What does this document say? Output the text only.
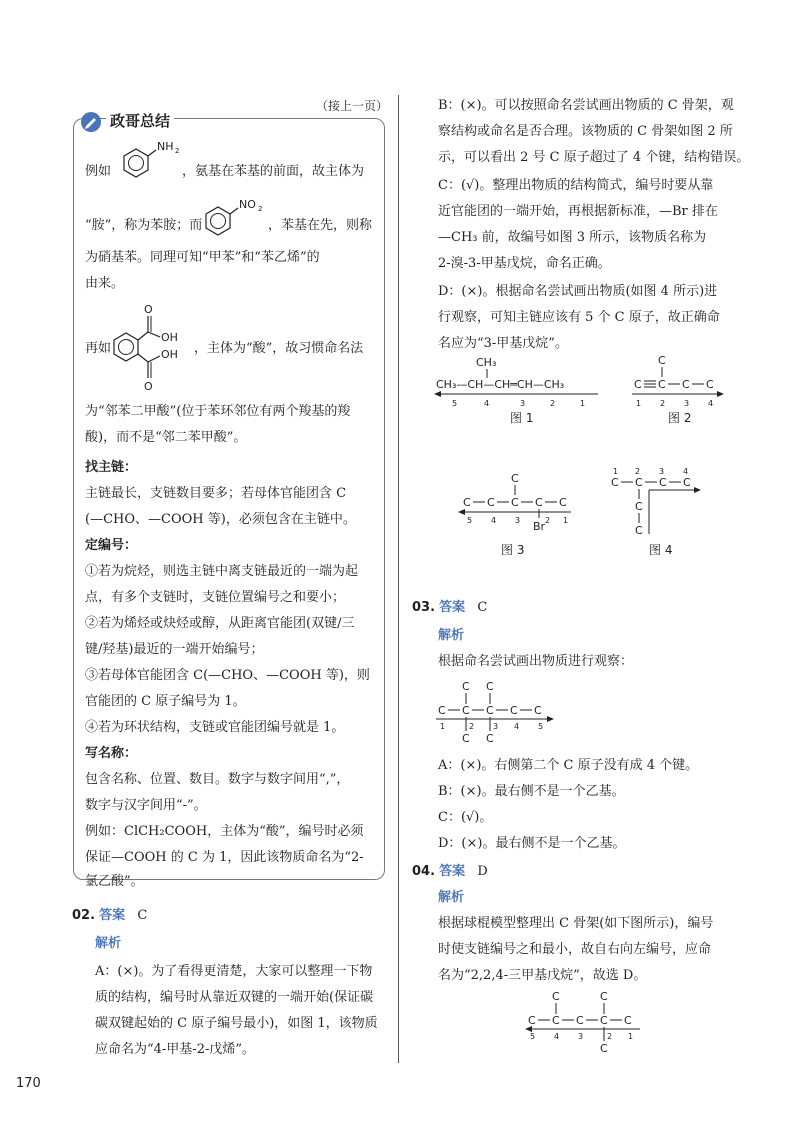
（接上一页）
政哥总结
例如
NH 2
，氨基在苯基的前面，故主体为
“胺”，称为苯胺；而
NO 2
，苯基在先，则称
为硝基苯。同理可知“甲苯”和“苯乙烯”的
由来。
再如
O
OH
O
OH ，主体为“酸”，故习惯命名法
为“邻苯二甲酸”(位于苯环邻位有两个羧基的羧
酸)，而不是“邻二苯甲酸”。
找主链：
主链最长，支链数目要多；若母体官能团含 C
(—CHO、—COOH 等)，必须包含在主链中。
定编号：
①若为烷烃，则选主链中离支链最近的一端为起
点，有多个支链时，支链位置编号之和要小；
②若为烯烃或炔烃或醇，从距离官能团(双键/三
键/羟基)最近的一端开始编号；
③若母体官能团含 C(—CHO、—COOH 等)，则
官能团的 C 原子编号为 1。
④若为环状结构，支链或官能团编号就是 1。
写名称：
包含名称、位置、数目。数字与数字间用“,”，
数字与汉字间用“-”。
例如：ClCH₂COOH，主体为“酸”，编号时必须
保证—COOH 的 C 为 1，因此该物质命名为“2-
氯乙酸”。
02. 答案 C
解析
A：(×)。为了看得更清楚，大家可以整理一下物
质的结构，编号时从靠近双键的一端开始(保证碳
碳双键起始的 C 原子编号最小)，如图 1，该物质
应命名为“4-甲基-2-戊烯”。
170
B：(×)。可以按照命名尝试画出物质的 C 骨架，观
察结构或命名是否合理。该物质的 C 骨架如图 2 所
示，可以看出 2 号 C 原子超过了 4 个键，结构错误。
C：(√)。整理出物质的结构简式，编号时要从靠
近官能团的一端开始，再根据新标准，—Br 排在
—CH₃ 前，故编号如图 3 所示，该物质名称为
2-溴-3-甲基戊烷，命名正确。
D：(×)。根据命名尝试画出物质(如图 4 所示)进
行观察，可知主链应该有 5 个 C 原子，故正确命
名应为“3-甲基戊烷”。
CH₃
CH₃—CH—CH═CH—CH₃
5	4	3	2	1
图 1
C
C C C C
1 2 3 4
图 2
C
C C C C C
Br
5 4 3	2 1
图 3
1 2 3 4
C C C C
C
C
图 4
03. 答案 C
解析
根据命名尝试画出物质进行观察：
C C
C C C C C
1	2 3 4 5
C C
A：(×)。右侧第二个 C 原子没有成 4 个键。
B：(×)。最右侧不是一个乙基。
C：(√)。
D：(×)。最右侧不是一个乙基。
04. 答案 D
解析
根据球棍模型整理出 C 骨架(如下图所示)，编号
时使支链编号之和最小，故自右向左编号，应命
名为“2,2,4-三甲基戊烷”，故选 D。
C	C
C C C C C
5 4 3	2 1
C
